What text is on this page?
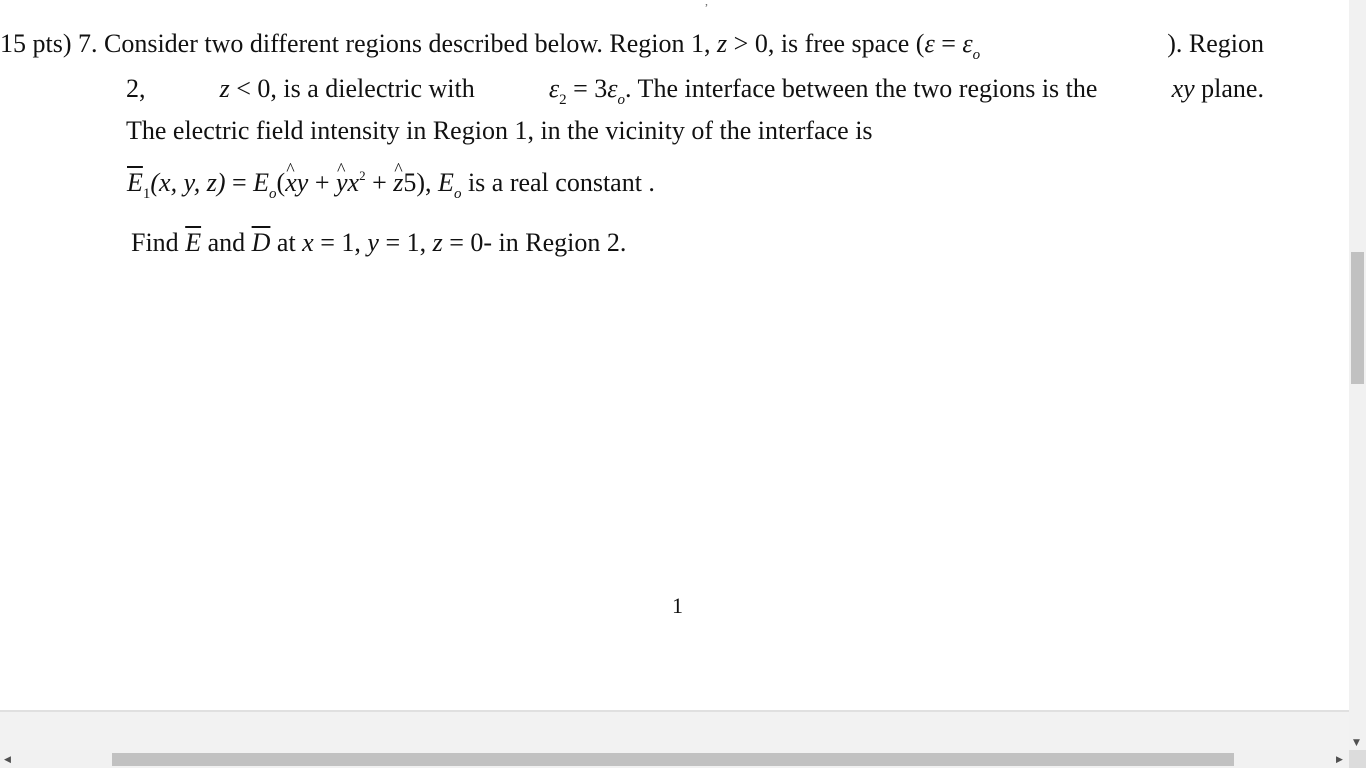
,
15 pts) 7. Consider two different regions described below. Region 1, z > 0, is free space ($\varepsilon = \varepsilon_o$	). Region
2,	z < 0, is a dielectric with	$\varepsilon_2 = 3\varepsilon_o$. The interface between the two regions is the	xy plane.
The electric field intensity in Region 1, in the vicinity of the interface is
$\overline{E}_1(x$, y, $z) = E_o(\^{}$ xy + ^ $yx^2$ + ^ z5), $E_o$ is a real constant .
Find $\overline{E}$ and $\overline{D}$ at x = 1, y = 1, z = 0- in Region 2.
1
▼
◀	▶
